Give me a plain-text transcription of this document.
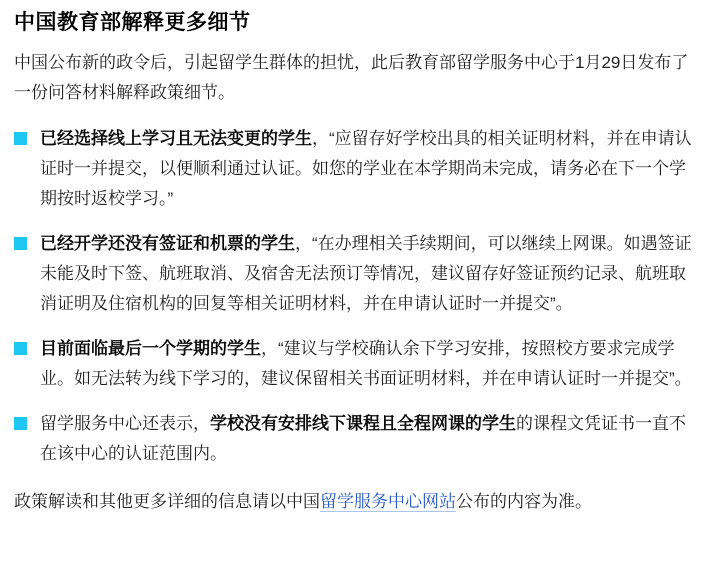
中国教育部解释更多细节

中国公布新的政令后，引起留学生群体的担忧，此后教育部留学服务中心于1月29日发布了一份问答材料解释政策细节。

已经选择线上学习且无法变更的学生，“应留存好学校出具的相关证明材料，并在申请认证时一并提交，以便顺利通过认证。如您的学业在本学期尚未完成，请务必在下一个学期按时返校学习。”
已经开学还没有签证和机票的学生，“在办理相关手续期间，可以继续上网课。如遇签证未能及时下签、航班取消、及宿舍无法预订等情况，建议留存好签证预约记录、航班取消证明及住宿机构的回复等相关证明材料，并在申请认证时一并提交”。
目前面临最后一个学期的学生，“建议与学校确认余下学习安排，按照校方要求完成学业。如无法转为线下学习的，建议保留相关书面证明材料，并在申请认证时一并提交”。
留学服务中心还表示，学校没有安排线下课程且全程网课的学生的课程文凭证书一直不在该中心的认证范围内。

政策解读和其他更多详细的信息请以中国留学服务中心网站公布的内容为准。
